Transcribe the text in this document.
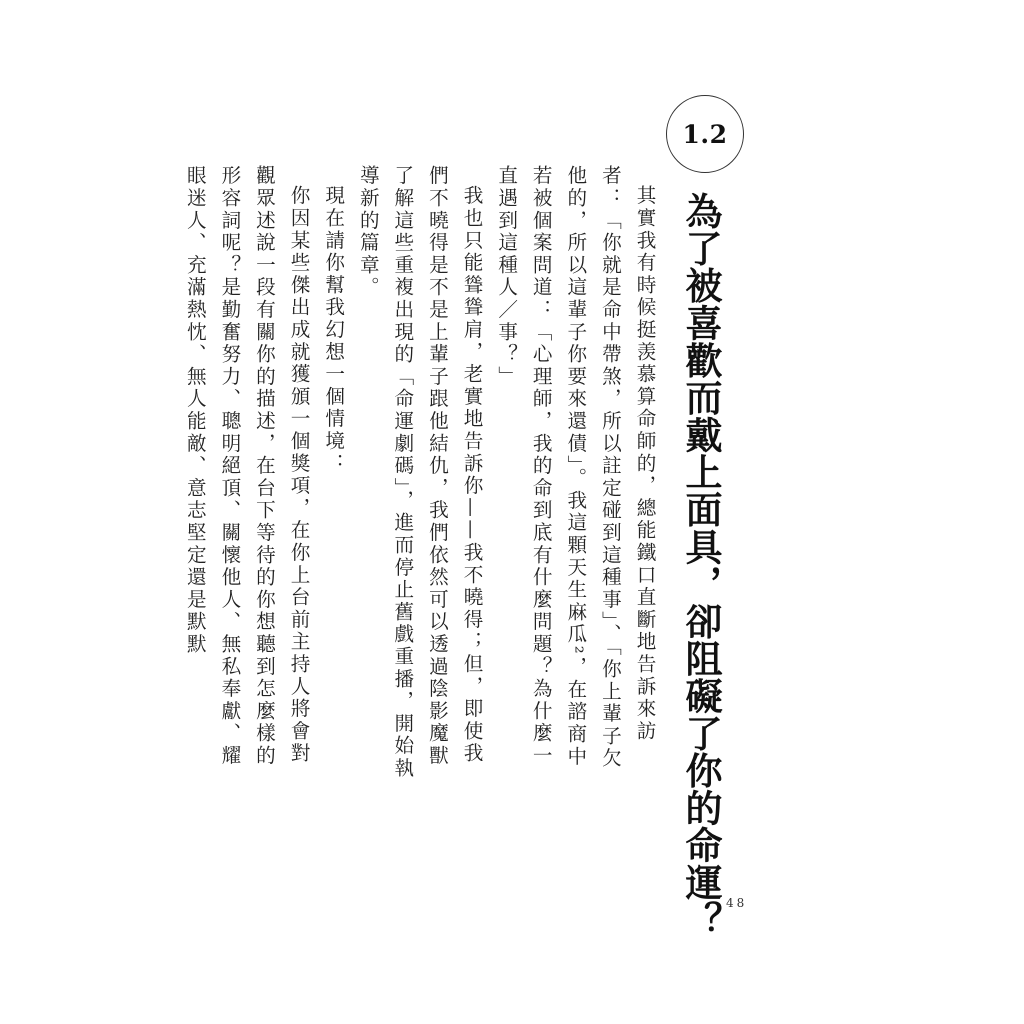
1.2
為了被喜歡而戴上面具，卻阻礙了你的命運？

其實我有時候挺羡慕算命師的，總能鐵口直斷地告訴來訪者：「你就是命中帶煞，所以註定碰到這種事」、「你上輩子欠他的，所以這輩子你要來還債」。我這顆天生麻瓜²，在諮商中若被個案問道：「心理師，我的命到底有什麼問題？為什麼一直遇到這種人／事？」

我也只能聳聳肩，老實地告訴你——我不曉得；但，即使我們不曉得是不是上輩子跟他結仇，我們依然可以透過陰影魔獸了解這些重複出現的「命運劇碼」，進而停止舊戲重播，開始執導新的篇章。

現在請你幫我幻想一個情境：

你因某些傑出成就獲頒一個獎項，在你上台前主持人將會對觀眾述說一段有關你的描述，在台下等待的你想聽到怎麼樣的形容詞呢？是勤奮努力、聰明絕頂、關懷他人、無私奉獻、耀眼迷人、充滿熱忱、無人能敵、意志堅定還是默默

48
